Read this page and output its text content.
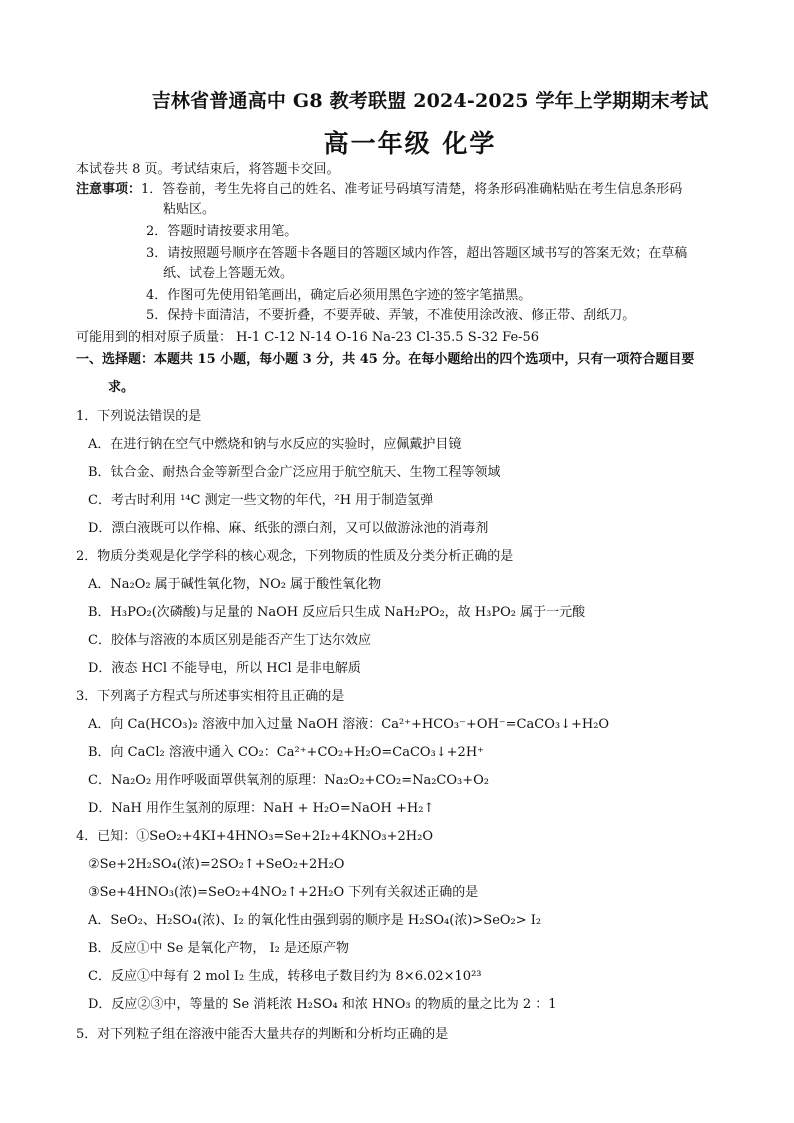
吉林省普通高中 G8 教考联盟 2024-2025 学年上学期期末考试
高一年级 化学
本试卷共 8 页。考试结束后，将答题卡交回。
注意事项：1．答卷前，考生先将自己的姓名、准考证号码填写清楚，将条形码准确粘贴在考生信息条形码
粘贴区。
2．答题时请按要求用笔。
3．请按照题号顺序在答题卡各题目的答题区域内作答，超出答题区域书写的答案无效；在草稿
纸、试卷上答题无效。
4．作图可先使用铅笔画出，确定后必须用黑色字迹的签字笔描黑。
5．保持卡面清洁，不要折叠，不要弄破、弄皱，不准使用涂改液、修正带、刮纸刀。
可能用到的相对原子质量： H-1 C-12 N-14 O-16 Na-23 Cl-35.5 S-32 Fe-56
一、选择题：本题共 15 小题，每小题 3 分，共 45 分。在每小题给出的四个选项中，只有一项符合题目要
求。
1．下列说法错误的是
A．在进行钠在空气中燃烧和钠与水反应的实验时，应佩戴护目镜
B．钛合金、耐热合金等新型合金广泛应用于航空航天、生物工程等领域
C．考古时利用 ¹⁴C 测定一些文物的年代，²H 用于制造氢弹
D．漂白液既可以作棉、麻、纸张的漂白剂，又可以做游泳池的消毒剂
2．物质分类观是化学学科的核心观念，下列物质的性质及分类分析正确的是
A．Na₂O₂ 属于碱性氧化物，NO₂ 属于酸性氧化物
B．H₃PO₂(次磷酸)与足量的 NaOH 反应后只生成 NaH₂PO₂，故 H₃PO₂ 属于一元酸
C．胶体与溶液的本质区别是能否产生丁达尔效应
D．液态 HCl 不能导电，所以 HCl 是非电解质
3．下列离子方程式与所述事实相符且正确的是
A．向 Ca(HCO₃)₂ 溶液中加入过量 NaOH 溶液：Ca²⁺+HCO₃⁻+OH⁻=CaCO₃↓+H₂O
B．向 CaCl₂ 溶液中通入 CO₂：Ca²⁺+CO₂+H₂O=CaCO₃↓+2H⁺
C．Na₂O₂ 用作呼吸面罩供氧剂的原理：Na₂O₂+CO₂=Na₂CO₃+O₂
D．NaH 用作生氢剂的原理：NaH + H₂O=NaOH +H₂↑
4．已知：①SeO₂+4KI+4HNO₃=Se+2I₂+4KNO₃+2H₂O
②Se+2H₂SO₄(浓)=2SO₂↑+SeO₂+2H₂O
③Se+4HNO₃(浓)=SeO₂+4NO₂↑+2H₂O 下列有关叙述正确的是
A．SeO₂、H₂SO₄(浓)、I₂ 的氧化性由强到弱的顺序是 H₂SO₄(浓)>SeO₂> I₂
B．反应①中 Se 是氧化产物， I₂ 是还原产物
C．反应①中每有 2 mol I₂ 生成，转移电子数目约为 8×6.02×10²³
D．反应②③中，等量的 Se 消耗浓 H₂SO₄ 和浓 HNO₃ 的物质的量之比为 2 ：1
5．对下列粒子组在溶液中能否大量共存的判断和分析均正确的是
